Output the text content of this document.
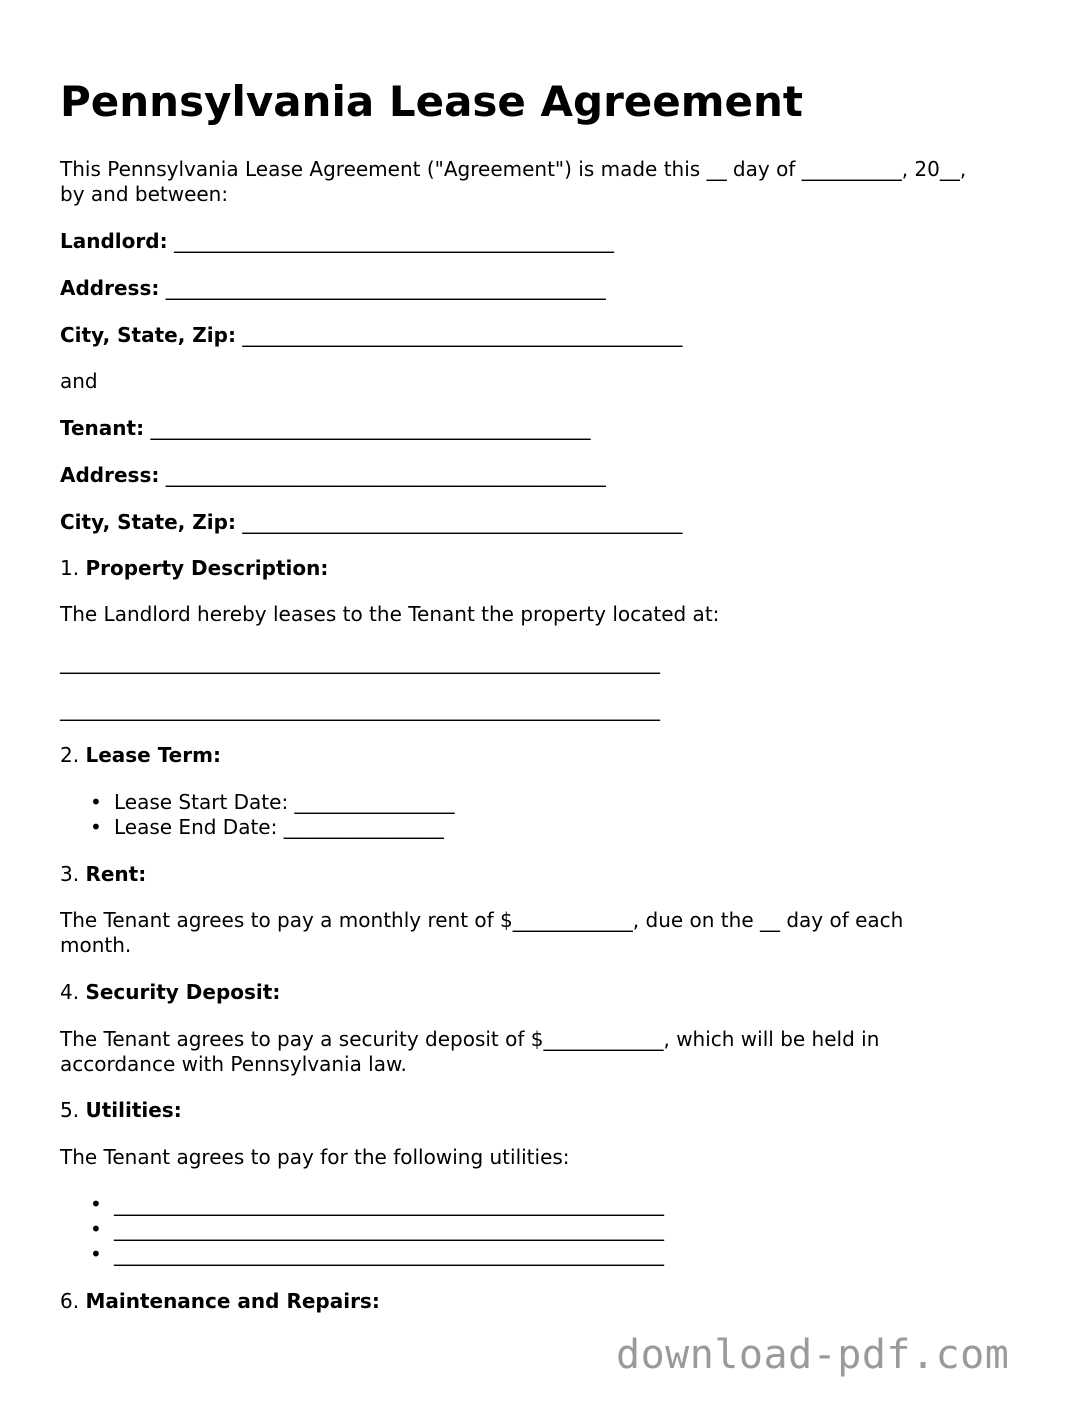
Pennsylvania Lease Agreement

This Pennsylvania Lease Agreement ("Agreement") is made this __ day of __________, 20__,
by and between:

Landlord: ____________________________________________

Address: ____________________________________________

City, State, Zip: ____________________________________________

and

Tenant: ____________________________________________

Address: ____________________________________________

City, State, Zip: ____________________________________________

1. Property Description:

The Landlord hereby leases to the Tenant the property located at:

____________________________________________________________

____________________________________________________________

2. Lease Term:

• Lease Start Date: ________________
• Lease End Date: ________________

3. Rent:

The Tenant agrees to pay a monthly rent of $____________, due on the __ day of each
month.

4. Security Deposit:

The Tenant agrees to pay a security deposit of $____________, which will be held in
accordance with Pennsylvania law.

5. Utilities:

The Tenant agrees to pay for the following utilities:

• _______________________________________________________
• _______________________________________________________
• _______________________________________________________

6. Maintenance and Repairs:

download-pdf.com
